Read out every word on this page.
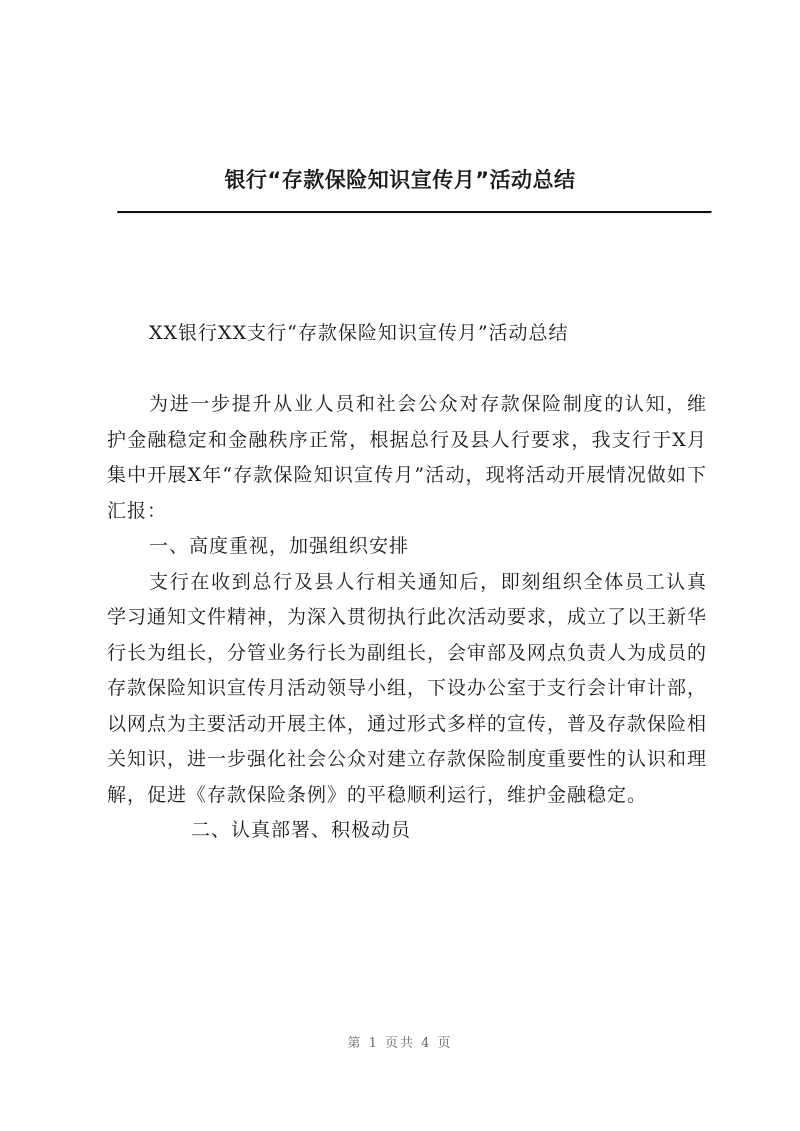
银行“存款保险知识宣传月”活动总结

XX银行XX支行“存款保险知识宣传月”活动总结

为进一步提升从业人员和社会公众对存款保险制度的认知，维护金融稳定和金融秩序正常，根据总行及县人行要求，我支行于X月集中开展X年“存款保险知识宣传月”活动，现将活动开展情况做如下汇报：

一、高度重视，加强组织安排

支行在收到总行及县人行相关通知后，即刻组织全体员工认真学习通知文件精神，为深入贯彻执行此次活动要求，成立了以王新华行长为组长，分管业务行长为副组长，会审部及网点负责人为成员的存款保险知识宣传月活动领导小组，下设办公室于支行会计审计部，以网点为主要活动开展主体，通过形式多样的宣传，普及存款保险相关知识，进一步强化社会公众对建立存款保险制度重要性的认识和理解，促进《存款保险条例》的平稳顺利运行，维护金融稳定。

二、认真部署、积极动员

第 1 页共 4 页
